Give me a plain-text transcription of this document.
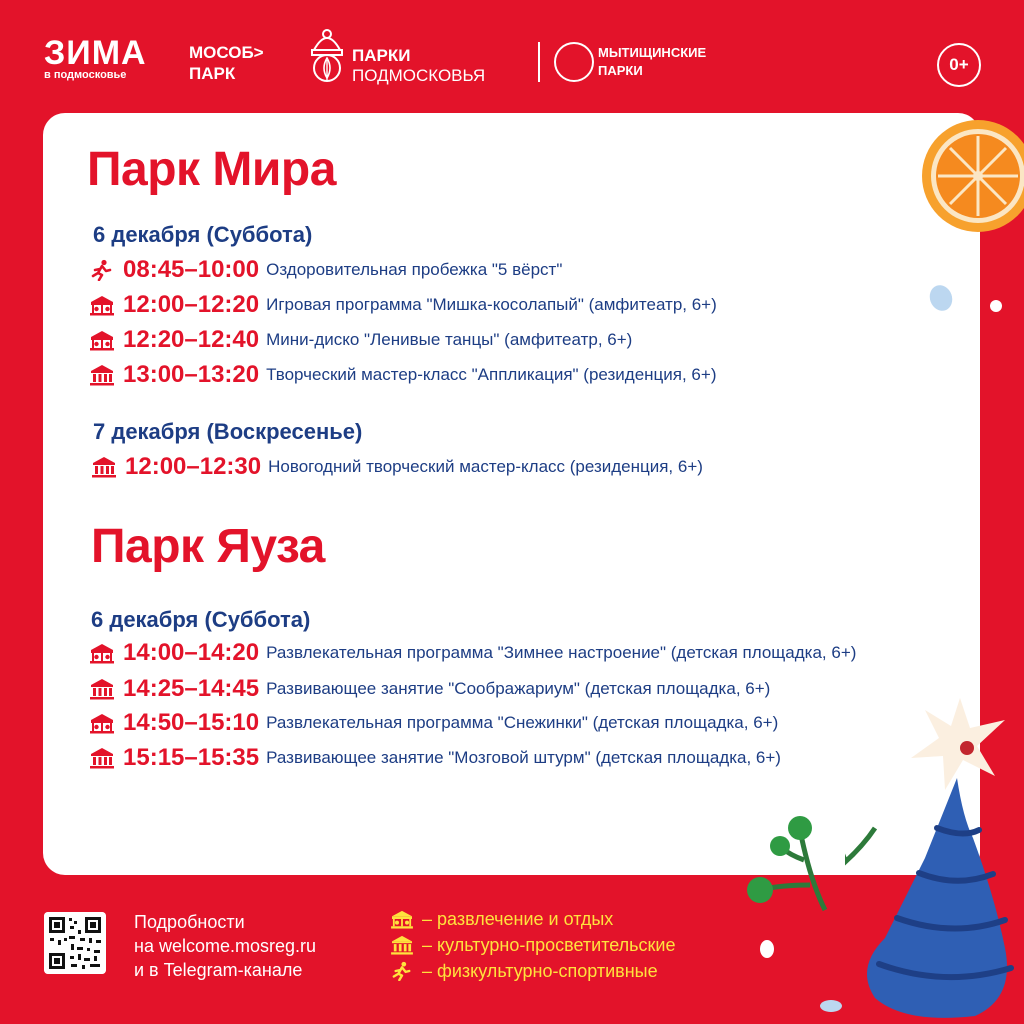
ЗИМА
в подмосковье
МОСОБ>
ПАРК
ПАРКИ
ПОДМОСКОВЬЯ
МЫТИЩИНСКИЕ
ПАРКИ	0+
Парк Мира
6 декабря (Суббота)
08:45–10:00 Оздоровительная пробежка "5 вёрст"
12:00–12:20 Игровая программа "Мишка-косолапый" (амфитеатр, 6+)
12:20–12:40 Мини-диско "Ленивые танцы" (амфитеатр, 6+)
13:00–13:20 Творческий мастер-класс "Аппликация" (резиденция, 6+)
7 декабря (Воскресенье)
12:00–12:30 Новогодний творческий мастер-класс (резиденция, 6+)
Парк Яуза
6 декабря (Суббота)
14:00–14:20 Развлекательная программа "Зимнее настроение" (детская площадка, 6+)
14:25–14:45 Развивающее занятие "Соображариум" (детская площадка, 6+)
14:50–15:10 Развлекательная программа "Снежинки" (детская площадка, 6+)
15:15–15:35 Развивающее занятие "Мозговой штурм" (детская площадка, 6+)
Подробности
на welcome.mosreg.ru
и в Telegram-канале
– развлечение и отдых
– культурно-просветительские
– физкультурно-спортивные
